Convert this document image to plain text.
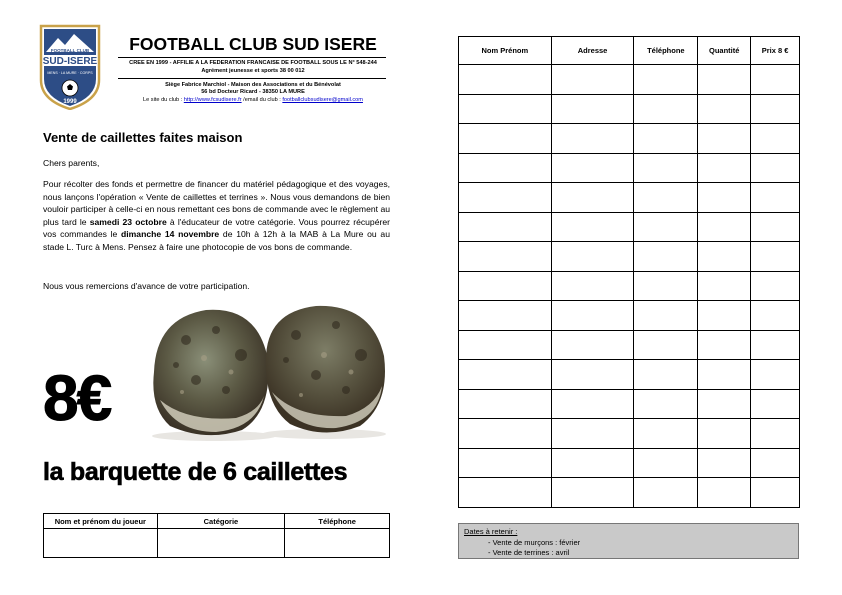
FOOTBALL CLUB
SUD-ISERE
MENS · LA MURE · CORPS
1999
FOOTBALL CLUB SUD ISERE
CREE EN 1999 - AFFILIE A LA FEDERATION FRANCAISE DE FOOTBALL SOUS LE N° 548-244
Agrément jeunesse et sports 38 00 012
Siège Fabrice Marchiol - Maison des Associations et du Bénévolat
56 bd Docteur Ricard - 38350 LA MURE
Le site du club : http://www.fcsudisere.fr /email du club : footballclubsudisere@gmail.com
Vente de caillettes faites maison
Chers parents,
Pour récolter des fonds et permettre de financer du matériel pédagogique et des voyages, nous lançons l'opération « Vente de caillettes et terrines ». Nous vous demandons de bien vouloir participer à celle-ci en nous remettant ces bons de commande avec le règlement au plus tard le samedi 23 octobre à l'éducateur de votre catégorie. Vous pourrez récupérer vos commandes le dimanche 14 novembre de 10h à 12h à la MAB à La Mure ou au stade L. Turc à Mens. Pensez à faire une photocopie de vos bons de commande.
Nous vous remercions d'avance de votre participation.
8€
la barquette de 6 caillettes
Nom et prénom du joueur	Catégorie	Téléphone

Nom Prénom	Adresse	Téléphone	Quantité	Prix 8 €

Dates à retenir :
- Vente de murçons : février
- Vente de terrines : avril
